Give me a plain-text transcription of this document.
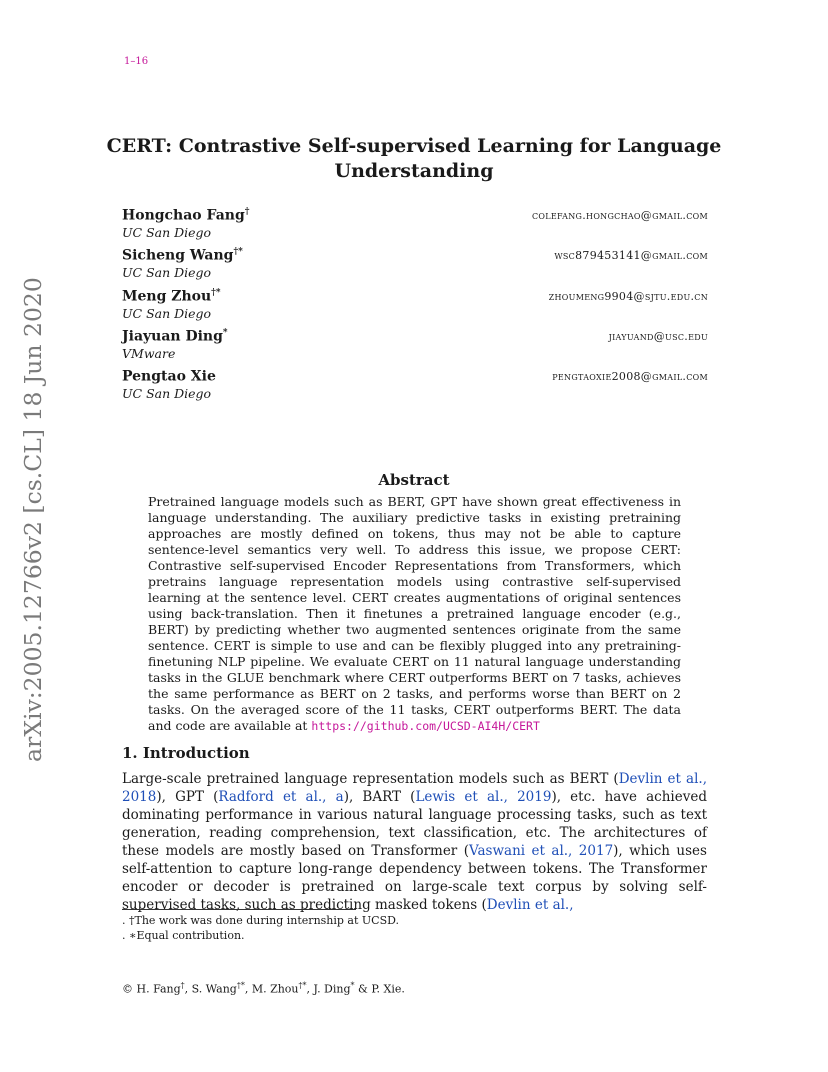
1–16
CERT: Contrastive Self-supervised Learning for Language Understanding
Hongchao Fang†
UC San Diego
colefang.hongchao@gmail.com
Sicheng Wang†*
UC San Diego
wsc879453141@gmail.com
Meng Zhou†*
UC San Diego
zhoumeng9904@sjtu.edu.cn
Jiayuan Ding*
VMware
jiayuand@usc.edu
Pengtao Xie
UC San Diego
pengtaoxie2008@gmail.com
arXiv:2005.12766v2 [cs.CL] 18 Jun 2020	Abstract
Pretrained language models such as BERT, GPT have shown great effectiveness in language understanding. The auxiliary predictive tasks in existing pretraining approaches are mostly defined on tokens, thus may not be able to capture sentence-level semantics very well. To address this issue, we propose CERT: Contrastive self-supervised Encoder Representations from Transformers, which pretrains language representation models using contrastive self-supervised learning at the sentence level. CERT creates augmentations of original sentences using back-translation. Then it finetunes a pretrained language encoder (e.g., BERT) by predicting whether two augmented sentences originate from the same sentence. CERT is simple to use and can be flexibly plugged into any pretraining-finetuning NLP pipeline. We evaluate CERT on 11 natural language understanding tasks in the GLUE benchmark where CERT outperforms BERT on 7 tasks, achieves the same performance as BERT on 2 tasks, and performs worse than BERT on 2 tasks. On the averaged score of the 11 tasks, CERT outperforms BERT. The data and code are available at https://github.com/UCSD-AI4H/CERT
1. Introduction
Large-scale pretrained language representation models such as BERT (Devlin et al., 2018), GPT (Radford et al., a), BART (Lewis et al., 2019), etc. have achieved dominating performance in various natural language processing tasks, such as text generation, reading comprehension, text classification, etc. The architectures of these models are mostly based on Transformer (Vaswani et al., 2017), which uses self-attention to capture long-range dependency between tokens. The Transformer encoder or decoder is pretrained on large-scale text corpus by solving self-supervised tasks, such as predicting masked tokens (Devlin et al.,
. †The work was done during internship at UCSD.
. ∗Equal contribution.
© H. Fang†, S. Wang†*, M. Zhou†*, J. Ding* & P. Xie.
